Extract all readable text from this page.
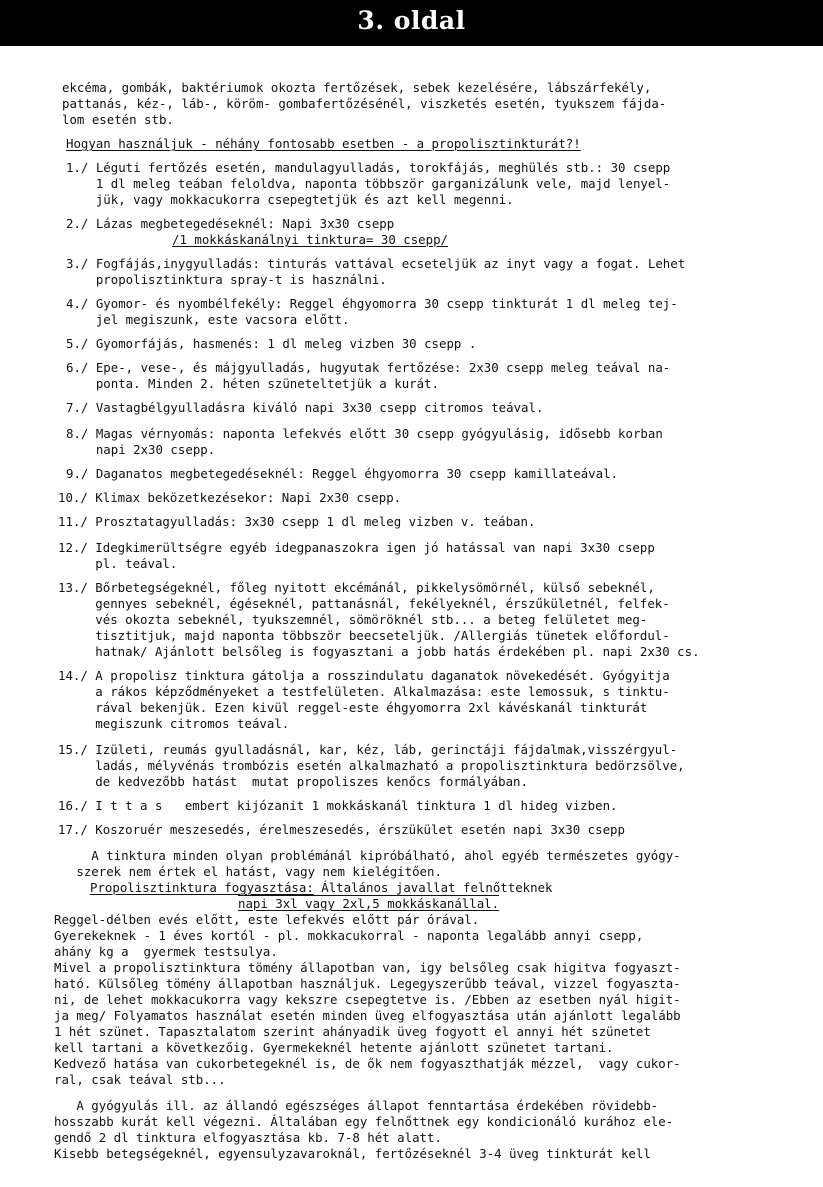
3. oldal
ekcéma, gombák, baktériumok okozta fertőzések, sebek kezelésére, lábszárfekély,
pattanás, kéz-, láb-, köröm- gombafertőzésénél, viszketés esetén, tyukszem fájda-
lom esetén stb.
Hogyan használjuk - néhány fontosabb esetben - a propolisztinkturát?!
1./ Léguti fertőzés esetén, mandulagyulladás, torokfájás, meghülés stb.: 30 csepp
1 dl meleg teában feloldva, naponta többször garganizálunk vele, majd lenyel-
jük, vagy mokkacukorra csepegtetjük és azt kell megenni.
2./ Lázas megbetegedéseknél: Napi 3x30 csepp
/1 mokkáskanálnyi tinktura= 30 csepp/
3./ Fogfájás,inygyulladás: tinturás vattával ecseteljük az inyt vagy a fogat. Lehet
propolisztinktura spray-t is használni.
4./ Gyomor- és nyombélfekély: Reggel éhgyomorra 30 csepp tinkturát 1 dl meleg tej-
jel megiszunk, este vacsora előtt.
5./ Gyomorfájás, hasmenés: 1 dl meleg vizben 30 csepp .
6./ Epe-, vese-, és májgyulladás, hugyutak fertőzése: 2x30 csepp meleg teával na-
ponta. Minden 2. héten szüneteltetjük a kurát.
7./ Vastagbélgyulladásra kiváló napi 3x30 csepp citromos teával.
8./ Magas vérnyomás: naponta lefekvés előtt 30 csepp gyógyulásig, idősebb korban
napi 2x30 csepp.
9./ Daganatos megbetegedéseknél: Reggel éhgyomorra 30 csepp kamillateával.
10./ Klimax beközetkezésekor: Napi 2x30 csepp.
11./ Prosztatagyulladás: 3x30 csepp 1 dl meleg vizben v. teában.
12./ Idegkimerültségre egyéb idegpanaszokra igen jó hatással van napi 3x30 csepp
pl. teával.
13./ Bőrbetegségeknél, főleg nyitott ekcémánál, pikkelysömörnél, külső sebeknél,
gennyes sebeknél, égéseknél, pattanásnál, fekélyeknél, érszűkületnél, felfek-
vés okozta sebeknél, tyukszemnél, sömöröknél stb... a beteg felületet meg-
tisztitjuk, majd naponta többször beecseteljük. /Allergiás tünetek előfordul-
hatnak/ Ajánlott belsőleg is fogyasztani a jobb hatás érdekében pl. napi 2x30 cs.
14./ A propolisz tinktura gátolja a rosszindulatu daganatok növekedését. Gyógyitja
a rákos képződményeket a testfelületen. Alkalmazása: este lemossuk, s tinktu-
rával bekenjük. Ezen kivül reggel-este éhgyomorra 2xl kávéskanál tinkturát
megiszunk citromos teával.
15./ Izületi, reumás gyulladásnál, kar, kéz, láb, gerinctáji fájdalmak,visszérgyul-
ladás, mélyvénás trombózis esetén alkalmazható a propolisztinktura bedörzsölve,
de kedvezőbb hatást  mutat propoliszes kenőcs formályában.
16./ I t t a s   embert kijózanit 1 mokkáskanál tinktura 1 dl hideg vizben.
17./ Koszoruér meszesedés, érelmeszesedés, érszükület esetén napi 3x30 csepp
A tinktura minden olyan problémánál kipróbálható, ahol egyéb természetes gyógy-
szerek nem értek el hatást, vagy nem kielégitően.
Propolisztinktura fogyasztása: Általános javallat felnőtteknek
napi 3xl vagy 2xl,5 mokkáskanállal.
Reggel-délben evés előtt, este lefekvés előtt pár órával.
Gyerekeknek - 1 éves kortól - pl. mokkacukorral - naponta legalább annyi csepp,
ahány kg a  gyermek testsulya.
Mivel a propolisztinktura tömény állapotban van, igy belsőleg csak higitva fogyaszt-
ható. Külsőleg tömény állapotban használjuk. Legegyszerűbb teával, vizzel fogyaszta-
ni, de lehet mokkacukorra vagy kekszre csepegtetve is. /Ebben az esetben nyál higit-
ja meg/ Folyamatos használat esetén minden üveg elfogyasztása után ajánlott legalább
1 hét szünet. Tapasztalatom szerint ahányadik üveg fogyott el annyi hét szünetet
kell tartani a következőig. Gyermekeknél hetente ajánlott szünetet tartani.
Kedvező hatása van cukorbetegeknél is, de ők nem fogyaszthatják mézzel,  vagy cukor-
ral, csak teával stb...
A gyógyulás ill. az állandó egészséges állapot fenntartása érdekében rövidebb-
hosszabb kurát kell végezni. Általában egy felnőttnek egy kondicionáló kurához ele-
gendő 2 dl tinktura elfogyasztása kb. 7-8 hét alatt.
Kisebb betegségeknél, egyensulyzavaroknál, fertőzéseknél 3-4 üveg tinkturát kell
